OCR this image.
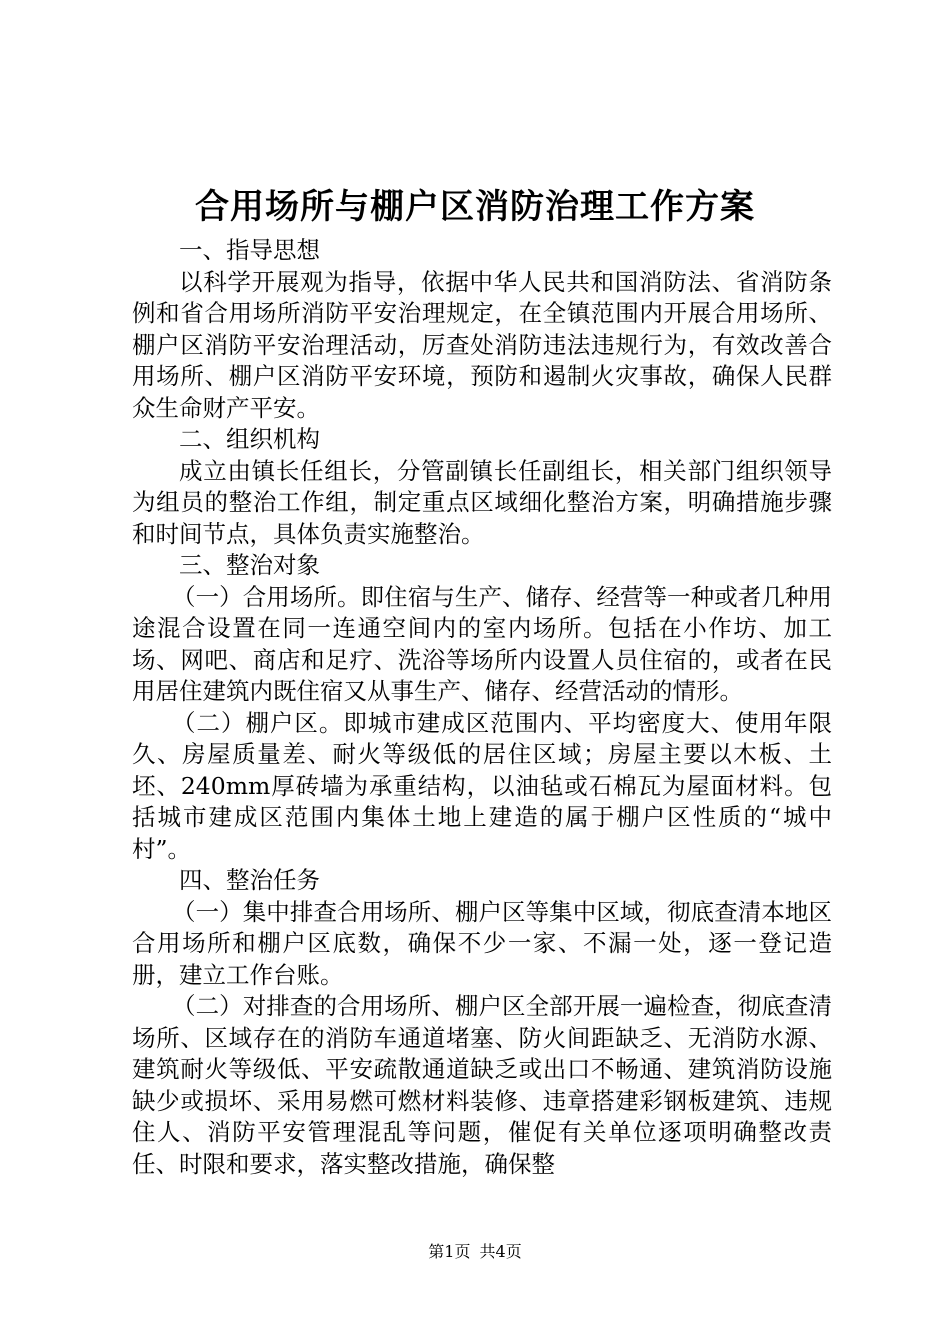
合用场所与棚户区消防治理工作方案

一、指导思想

以科学开展观为指导，依据中华人民共和国消防法、省消防条例和省合用场所消防平安治理规定，在全镇范围内开展合用场所、棚户区消防平安治理活动，厉查处消防违法违规行为，有效改善合用场所、棚户区消防平安环境，预防和遏制火灾事故，确保人民群众生命财产平安。

二、组织机构

成立由镇长任组长，分管副镇长任副组长，相关部门组织领导为组员的整治工作组，制定重点区域细化整治方案，明确措施步骤和时间节点，具体负责实施整治。

三、整治对象

（一）合用场所。即住宿与生产、储存、经营等一种或者几种用途混合设置在同一连通空间内的室内场所。包括在小作坊、加工场、网吧、商店和足疗、洗浴等场所内设置人员住宿的，或者在民用居住建筑内既住宿又从事生产、储存、经营活动的情形。

（二）棚户区。即城市建成区范围内、平均密度大、使用年限久、房屋质量差、耐火等级低的居住区域；房屋主要以木板、土坯、240mm厚砖墙为承重结构，以油毡或石棉瓦为屋面材料。包括城市建成区范围内集体土地上建造的属于棚户区性质的“城中村”。

四、整治任务

（一）集中排查合用场所、棚户区等集中区域，彻底查清本地区合用场所和棚户区底数，确保不少一家、不漏一处，逐一登记造册，建立工作台账。

（二）对排查的合用场所、棚户区全部开展一遍检查，彻底查清场所、区域存在的消防车通道堵塞、防火间距缺乏、无消防水源、建筑耐火等级低、平安疏散通道缺乏或出口不畅通、建筑消防设施缺少或损坏、采用易燃可燃材料装修、违章搭建彩钢板建筑、违规住人、消防平安管理混乱等问题，催促有关单位逐项明确整改责任、时限和要求，落实整改措施，确保整

第1页 共4页
